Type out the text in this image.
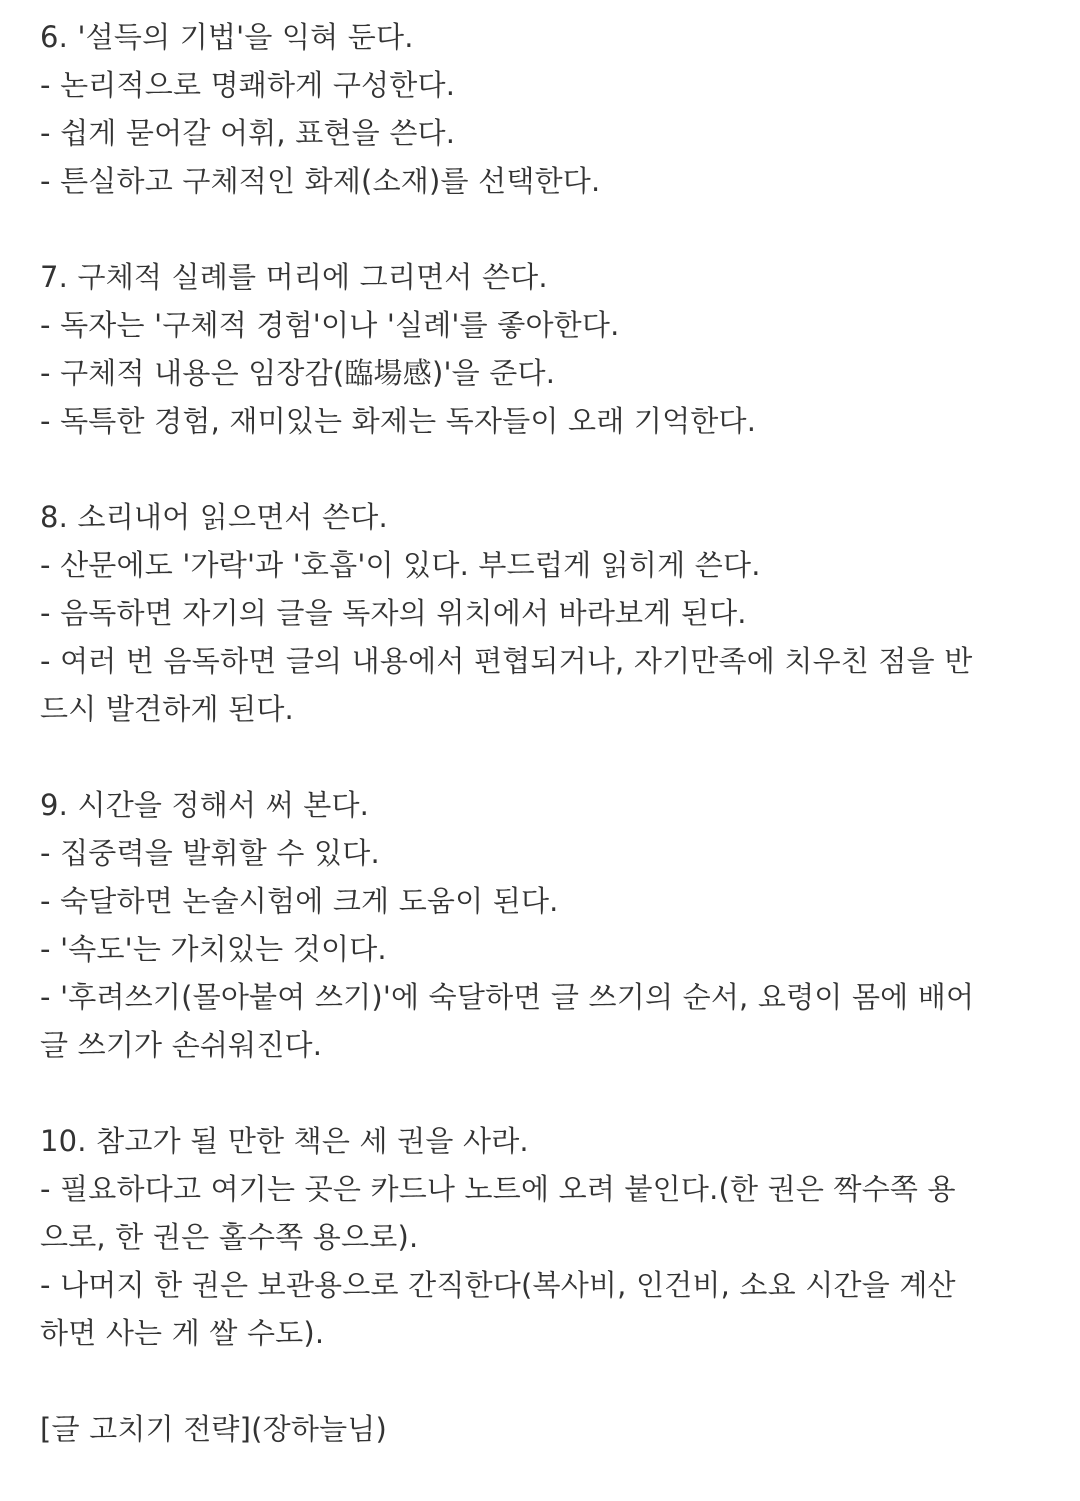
6. '설득의 기법'을 익혀 둔다.
- 논리적으로 명쾌하게 구성한다.
- 쉽게 묻어갈 어휘, 표현을 쓴다.
- 튼실하고 구체적인 화제(소재)를 선택한다.
7. 구체적 실례를 머리에 그리면서 쓴다.
- 독자는 '구체적 경험'이나 '실례'를 좋아한다.
- 구체적 내용은 임장감(臨場感)'을 준다.
- 독특한 경험, 재미있는 화제는 독자들이 오래 기억한다.
8. 소리내어 읽으면서 쓴다.
- 산문에도 '가락'과 '호흡'이 있다. 부드럽게 읽히게 쓴다.
- 음독하면 자기의 글을 독자의 위치에서 바라보게 된다.
- 여러 번 음독하면 글의 내용에서 편협되거나, 자기만족에 치우친 점을 반
드시 발견하게 된다.
9. 시간을 정해서 써 본다.
- 집중력을 발휘할 수 있다.
- 숙달하면 논술시험에 크게 도움이 된다.
- '속도'는 가치있는 것이다.
- '후려쓰기(몰아붙여 쓰기)'에 숙달하면 글 쓰기의 순서, 요령이 몸에 배어
글 쓰기가 손쉬워진다.
10. 참고가 될 만한 책은 세 권을 사라.
- 필요하다고 여기는 곳은 카드나 노트에 오려 붙인다.(한 권은 짝수쪽 용
으로, 한 권은 홀수쪽 용으로).
- 나머지 한 권은 보관용으로 간직한다(복사비, 인건비, 소요 시간을 계산
하면 사는 게 쌀 수도).
[글 고치기 전략](장하늘님)
